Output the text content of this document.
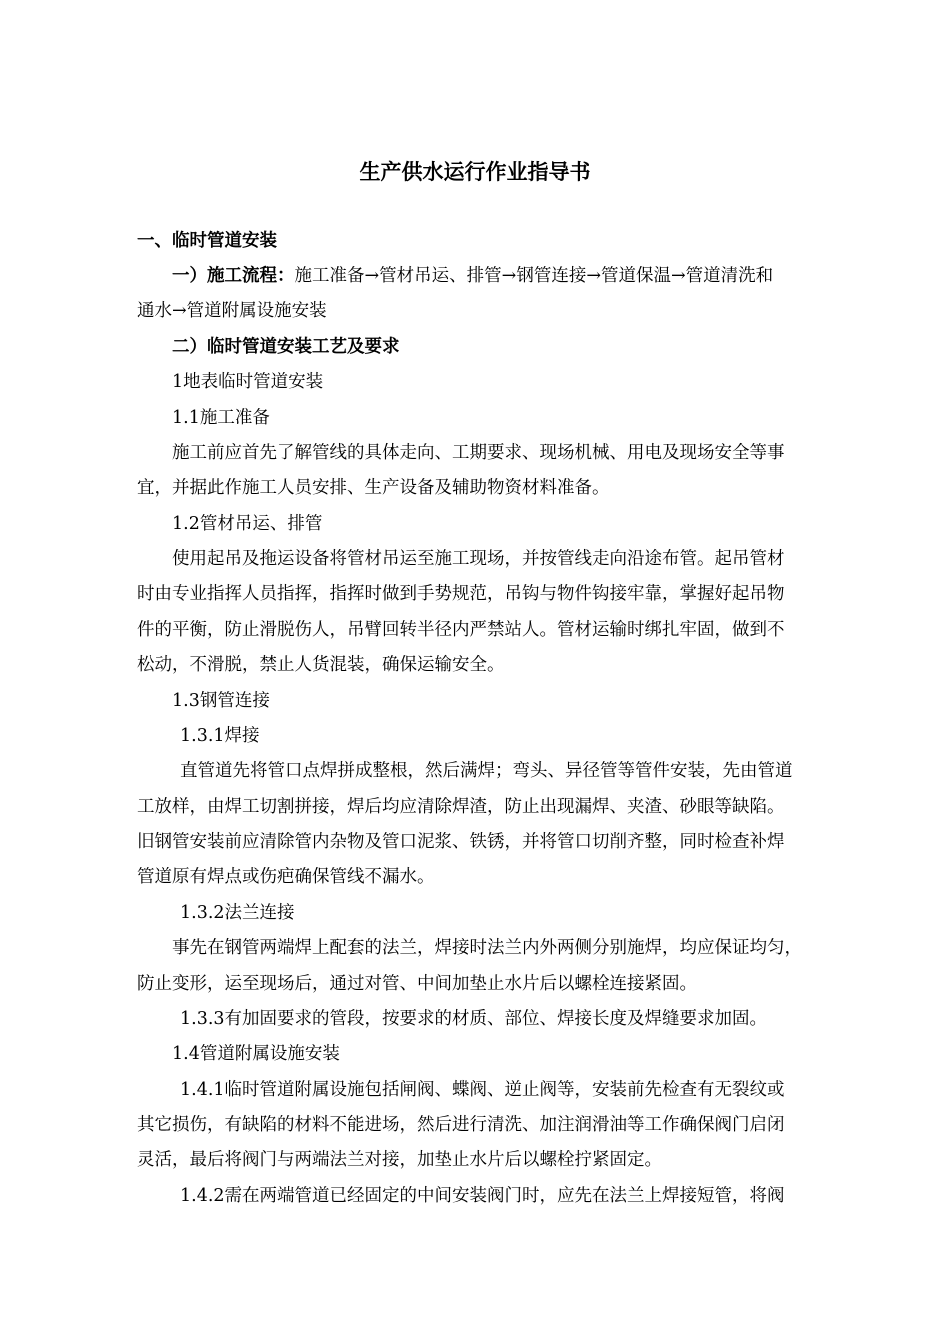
生产供水运行作业指导书

一、临时管道安装

一）施工流程：施工准备→管材吊运、排管→钢管连接→管道保温→管道清洗和

通水→管道附属设施安装

二）临时管道安装工艺及要求

1地表临时管道安装

1.1施工准备

施工前应首先了解管线的具体走向、工期要求、现场机械、用电及现场安全等事

宜，并据此作施工人员安排、生产设备及辅助物资材料准备。

1.2管材吊运、排管

使用起吊及拖运设备将管材吊运至施工现场，并按管线走向沿途布管。起吊管材

时由专业指挥人员指挥，指挥时做到手势规范，吊钩与物件钩接牢靠，掌握好起吊物

件的平衡，防止滑脱伤人，吊臂回转半径内严禁站人。管材运输时绑扎牢固，做到不

松动，不滑脱，禁止人货混装，确保运输安全。

1.3钢管连接

1.3.1焊接

直管道先将管口点焊拼成整根，然后满焊；弯头、异径管等管件安装，先由管道

工放样，由焊工切割拼接，焊后均应清除焊渣，防止出现漏焊、夹渣、砂眼等缺陷。

旧钢管安装前应清除管内杂物及管口泥浆、铁锈，并将管口切削齐整，同时检查补焊

管道原有焊点或伤疤确保管线不漏水。

1.3.2法兰连接

事先在钢管两端焊上配套的法兰，焊接时法兰内外两侧分别施焊，均应保证均匀，

防止变形，运至现场后，通过对管、中间加垫止水片后以螺栓连接紧固。

1.3.3有加固要求的管段，按要求的材质、部位、焊接长度及焊缝要求加固。

1.4管道附属设施安装

1.4.1临时管道附属设施包括闸阀、蝶阀、逆止阀等，安装前先检查有无裂纹或

其它损伤，有缺陷的材料不能进场，然后进行清洗、加注润滑油等工作确保阀门启闭

灵活，最后将阀门与两端法兰对接，加垫止水片后以螺栓拧紧固定。

1.4.2需在两端管道已经固定的中间安装阀门时，应先在法兰上焊接短管，将阀
